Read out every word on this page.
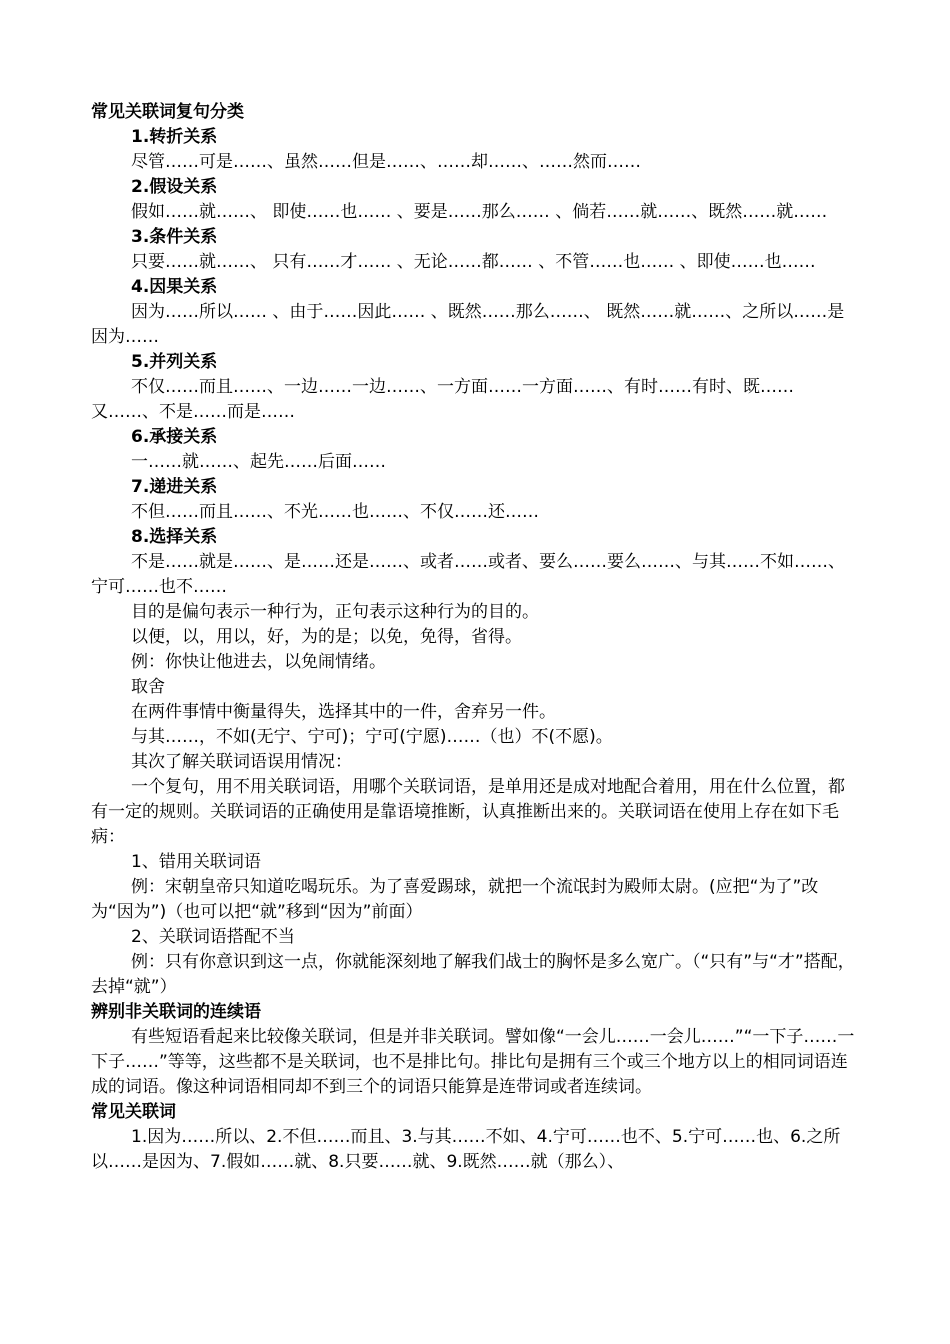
常见关联词复句分类

1.转折关系

尽管……可是……、虽然……但是……、……却……、……然而……

2.假设关系

假如……就……、 即使……也…… 、要是……那么…… 、倘若……就……、既然……就……

3.条件关系

只要……就……、 只有……才…… 、无论……都…… 、不管……也…… 、即使……也……

4.因果关系

因为……所以…… 、由于……因此…… 、既然……那么……、 既然……就……、之所以……是因为……

5.并列关系

不仅……而且……、一边……一边……、一方面……一方面……、有时……有时、既……又……、不是……而是……

6.承接关系

一……就……、起先……后面……

7.递进关系

不但……而且……、不光……也……、不仅……还……

8.选择关系

不是……就是……、是……还是……、或者……或者、要么……要么……、与其……不如……、宁可……也不……

目的是偏句表示一种行为，正句表示这种行为的目的。

以便，以，用以，好，为的是；以免，免得，省得。

例：你快让他进去，以免闹情绪。

取舍

在两件事情中衡量得失，选择其中的一件，舍弃另一件。

与其……，不如(无宁、宁可)；宁可(宁愿)……（也）不(不愿)。

其次了解关联词语误用情况：

一个复句，用不用关联词语，用哪个关联词语，是单用还是成对地配合着用，用在什么位置，都有一定的规则。关联词语的正确使用是靠语境推断，认真推断出来的。关联词语在使用上存在如下毛病：

1、错用关联词语

例：宋朝皇帝只知道吃喝玩乐。为了喜爱踢球，就把一个流氓封为殿师太尉。(应把“为了”改为“因为”)（也可以把“就”移到“因为”前面）

2、关联词语搭配不当

例：只有你意识到这一点，你就能深刻地了解我们战士的胸怀是多么宽广。（“只有”与“才”搭配，去掉“就”）

辨别非关联词的连续语

有些短语看起来比较像关联词，但是并非关联词。譬如像“一会儿……一会儿……”“一下子……一下子……”等等，这些都不是关联词，也不是排比句。排比句是拥有三个或三个地方以上的相同词语连成的词语。像这种词语相同却不到三个的词语只能算是连带词或者连续词。

常见关联词

1.因为……所以、2.不但……而且、3.与其……不如、4.宁可……也不、5.宁可……也、6.之所以……是因为、7.假如……就、8.只要……就、9.既然……就（那么）、
